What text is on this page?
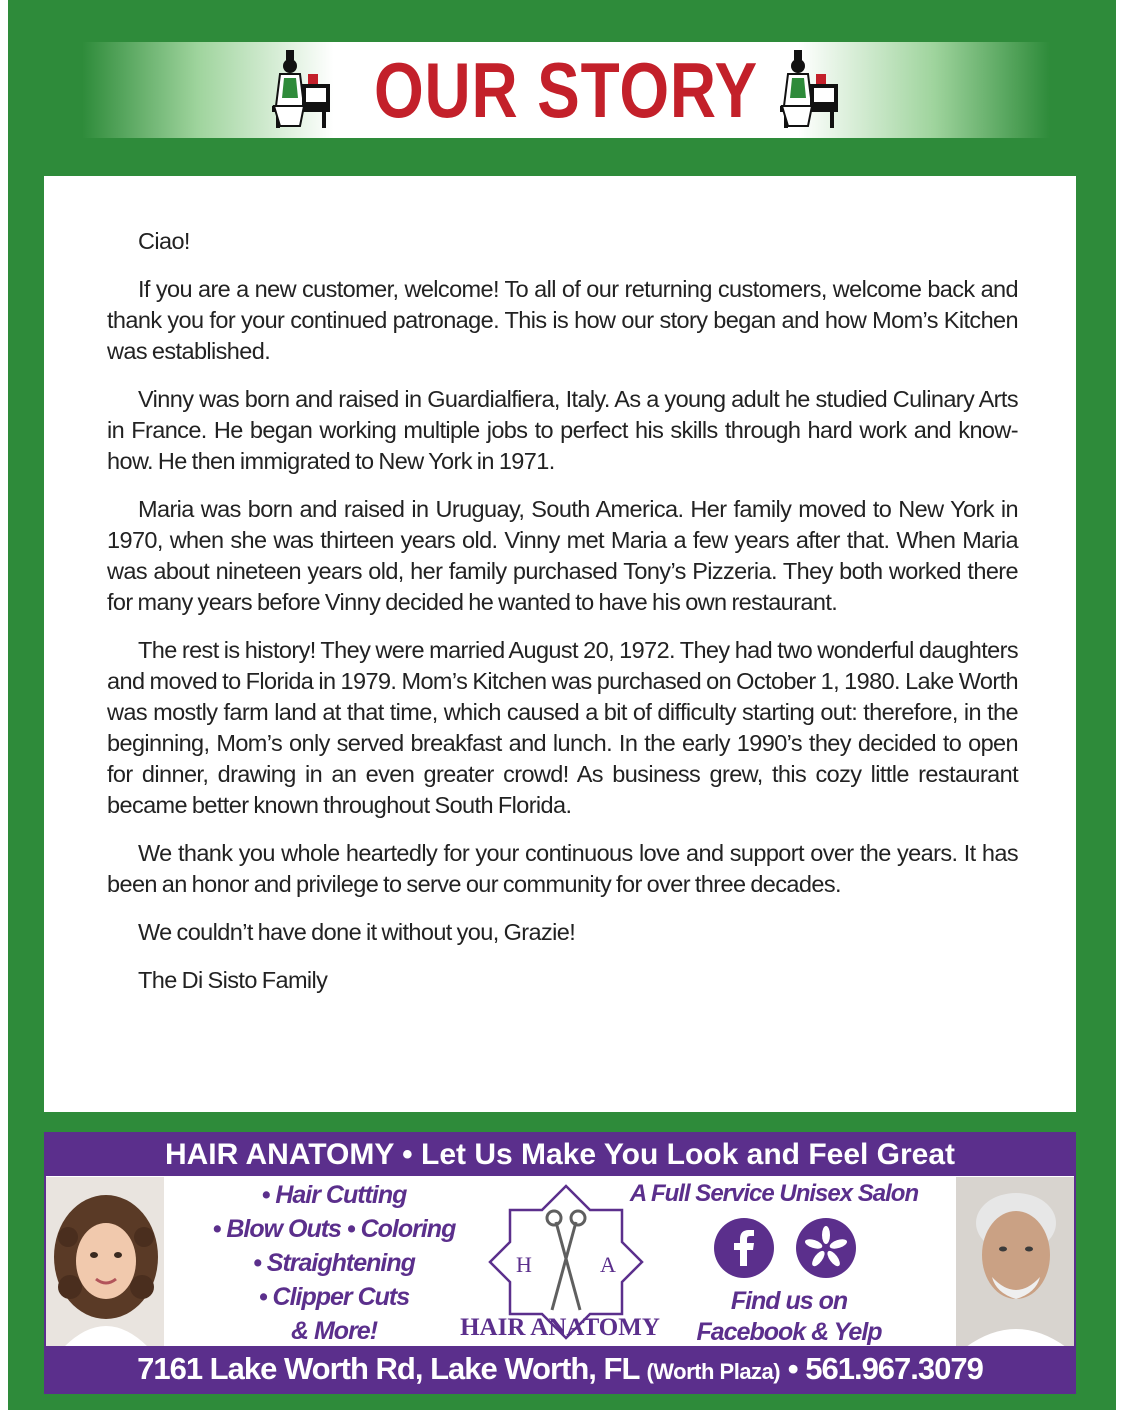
OUR STORY

Ciao!

If you are a new customer, welcome! To all of our returning customers, welcome back and thank you for your continued patronage. This is how our story began and how Mom’s Kitchen was established.

Vinny was born and raised in Guardialfiera, Italy. As a young adult he studied Culinary Arts in France. He began working multiple jobs to perfect his skills through hard work and know-how. He then immigrated to New York in 1971.

Maria was born and raised in Uruguay, South America. Her family moved to New York in 1970, when she was thirteen years old. Vinny met Maria a few years after that. When Maria was about nineteen years old, her family purchased Tony’s Pizzeria. They both worked there for many years before Vinny decided he wanted to have his own restaurant.

The rest is history! They were married August 20, 1972. They had two wonderful daughters and moved to Florida in 1979. Mom’s Kitchen was purchased on October 1, 1980. Lake Worth was mostly farm land at that time, which caused a bit of difficulty starting out: therefore, in the beginning, Mom’s only served breakfast and lunch. In the early 1990’s they decided to open for dinner, drawing in an even greater crowd! As business grew, this cozy little restaurant became better known throughout South Florida.

We thank you whole heartedly for your continuous love and support over the years. It has been an honor and privilege to serve our community for over three decades.

We couldn’t have done it without you, Grazie!

The Di Sisto Family

HAIR ANATOMY • Let Us Make You Look and Feel Great
• Hair Cutting
• Blow Outs • Coloring
• Straightening
• Clipper Cuts
& More!
H	A
HAIR ANATOMY
A Full Service Unisex Salon
Find us on
Facebook & Yelp
7161 Lake Worth Rd, Lake Worth, FL (Worth Plaza) • 561.967.3079
